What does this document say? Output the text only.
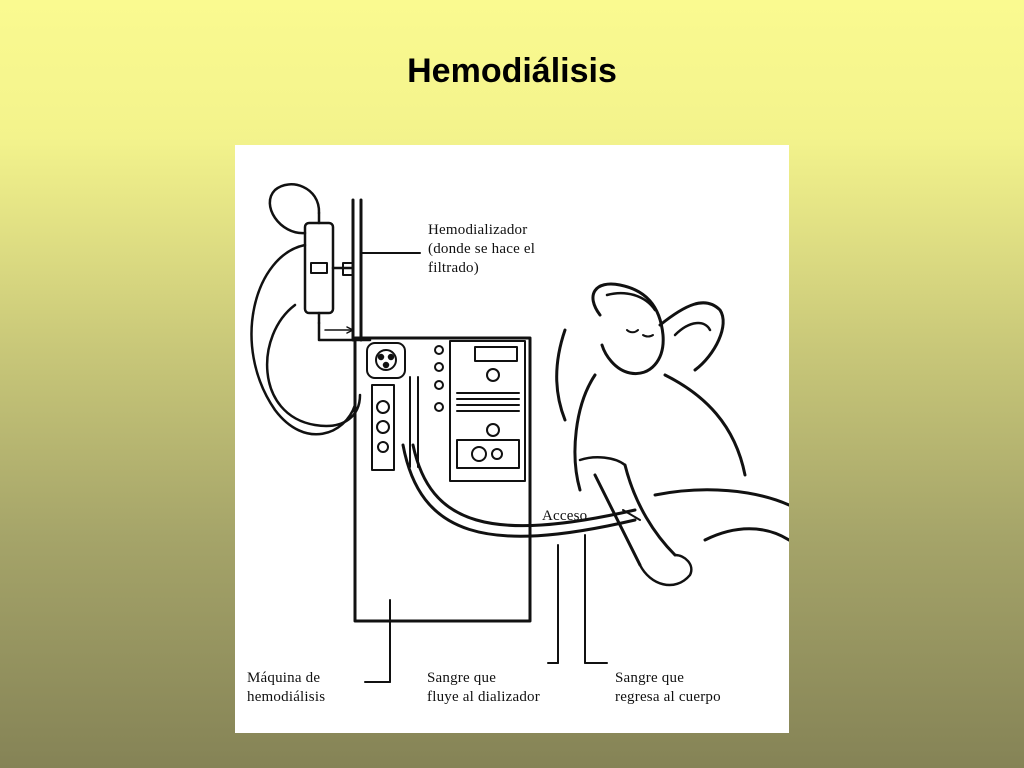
Hemodiálisis
Hemodializador
(donde se hace el
filtrado)
Acceso
Máquina de
hemodiálisis
Sangre que
fluye al dializador
Sangre que
regresa al cuerpo
